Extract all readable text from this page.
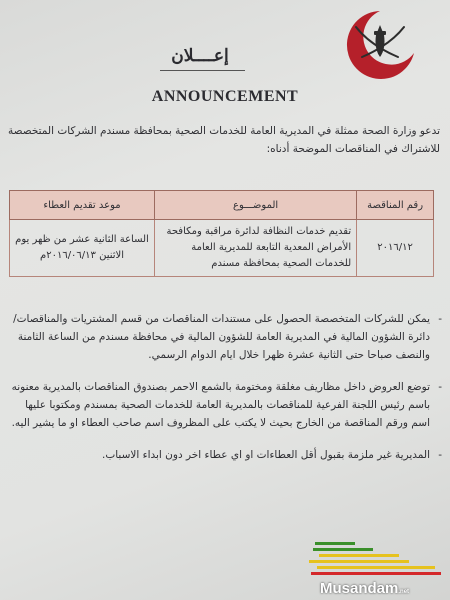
إعــــلان
ANNOUNCEMENT
تدعو وزارة الصحة ممثلة في المديرية العامة للخدمات الصحية بمحافظة مسندم الشركات المتخصصة للاشتراك في المناقصات الموضحة أدناه:
رقم المناقصة	الموضـــوع	موعد تقديم العطاء
٢٠١٦/١٢	تقديم خدمات النظافة لدائرة مراقبة ومكافحة الأمراض المعدية التابعة للمديرية العامة للخدمات الصحية بمحافظة مسندم	الساعة الثانية عشر من ظهر يوم الاثنين ٢٠١٦/٠٦/١٣م
- يمكن للشركات المتخصصة الحصول على مستندات المناقصات من قسم المشتريات والمناقصات/ دائرة الشؤون المالية في المديرية العامة للشؤون المالية في محافظة مسندم من الساعة الثامنة والنصف صباحا حتى الثانية عشرة ظهرا خلال ايام الدوام الرسمي.
- توضع العروض داخل مظاريف مغلقة ومختومة بالشمع الاحمر بصندوق المناقصات بالمديرية معنونه باسم رئيس اللجنة الفرعية للمناقصات بالمديرية العامة للخدمات الصحية بمسندم ومكتوبا عليها اسم ورقم المناقصة من الخارج بحيث لا يكتب على المظروف اسم صاحب العطاء او ما يشير اليه.
- المديرية غير ملزمة بقبول أقل العطاءات او اي عطاء اخر دون ابداء الاسباب.
Musandam.net
